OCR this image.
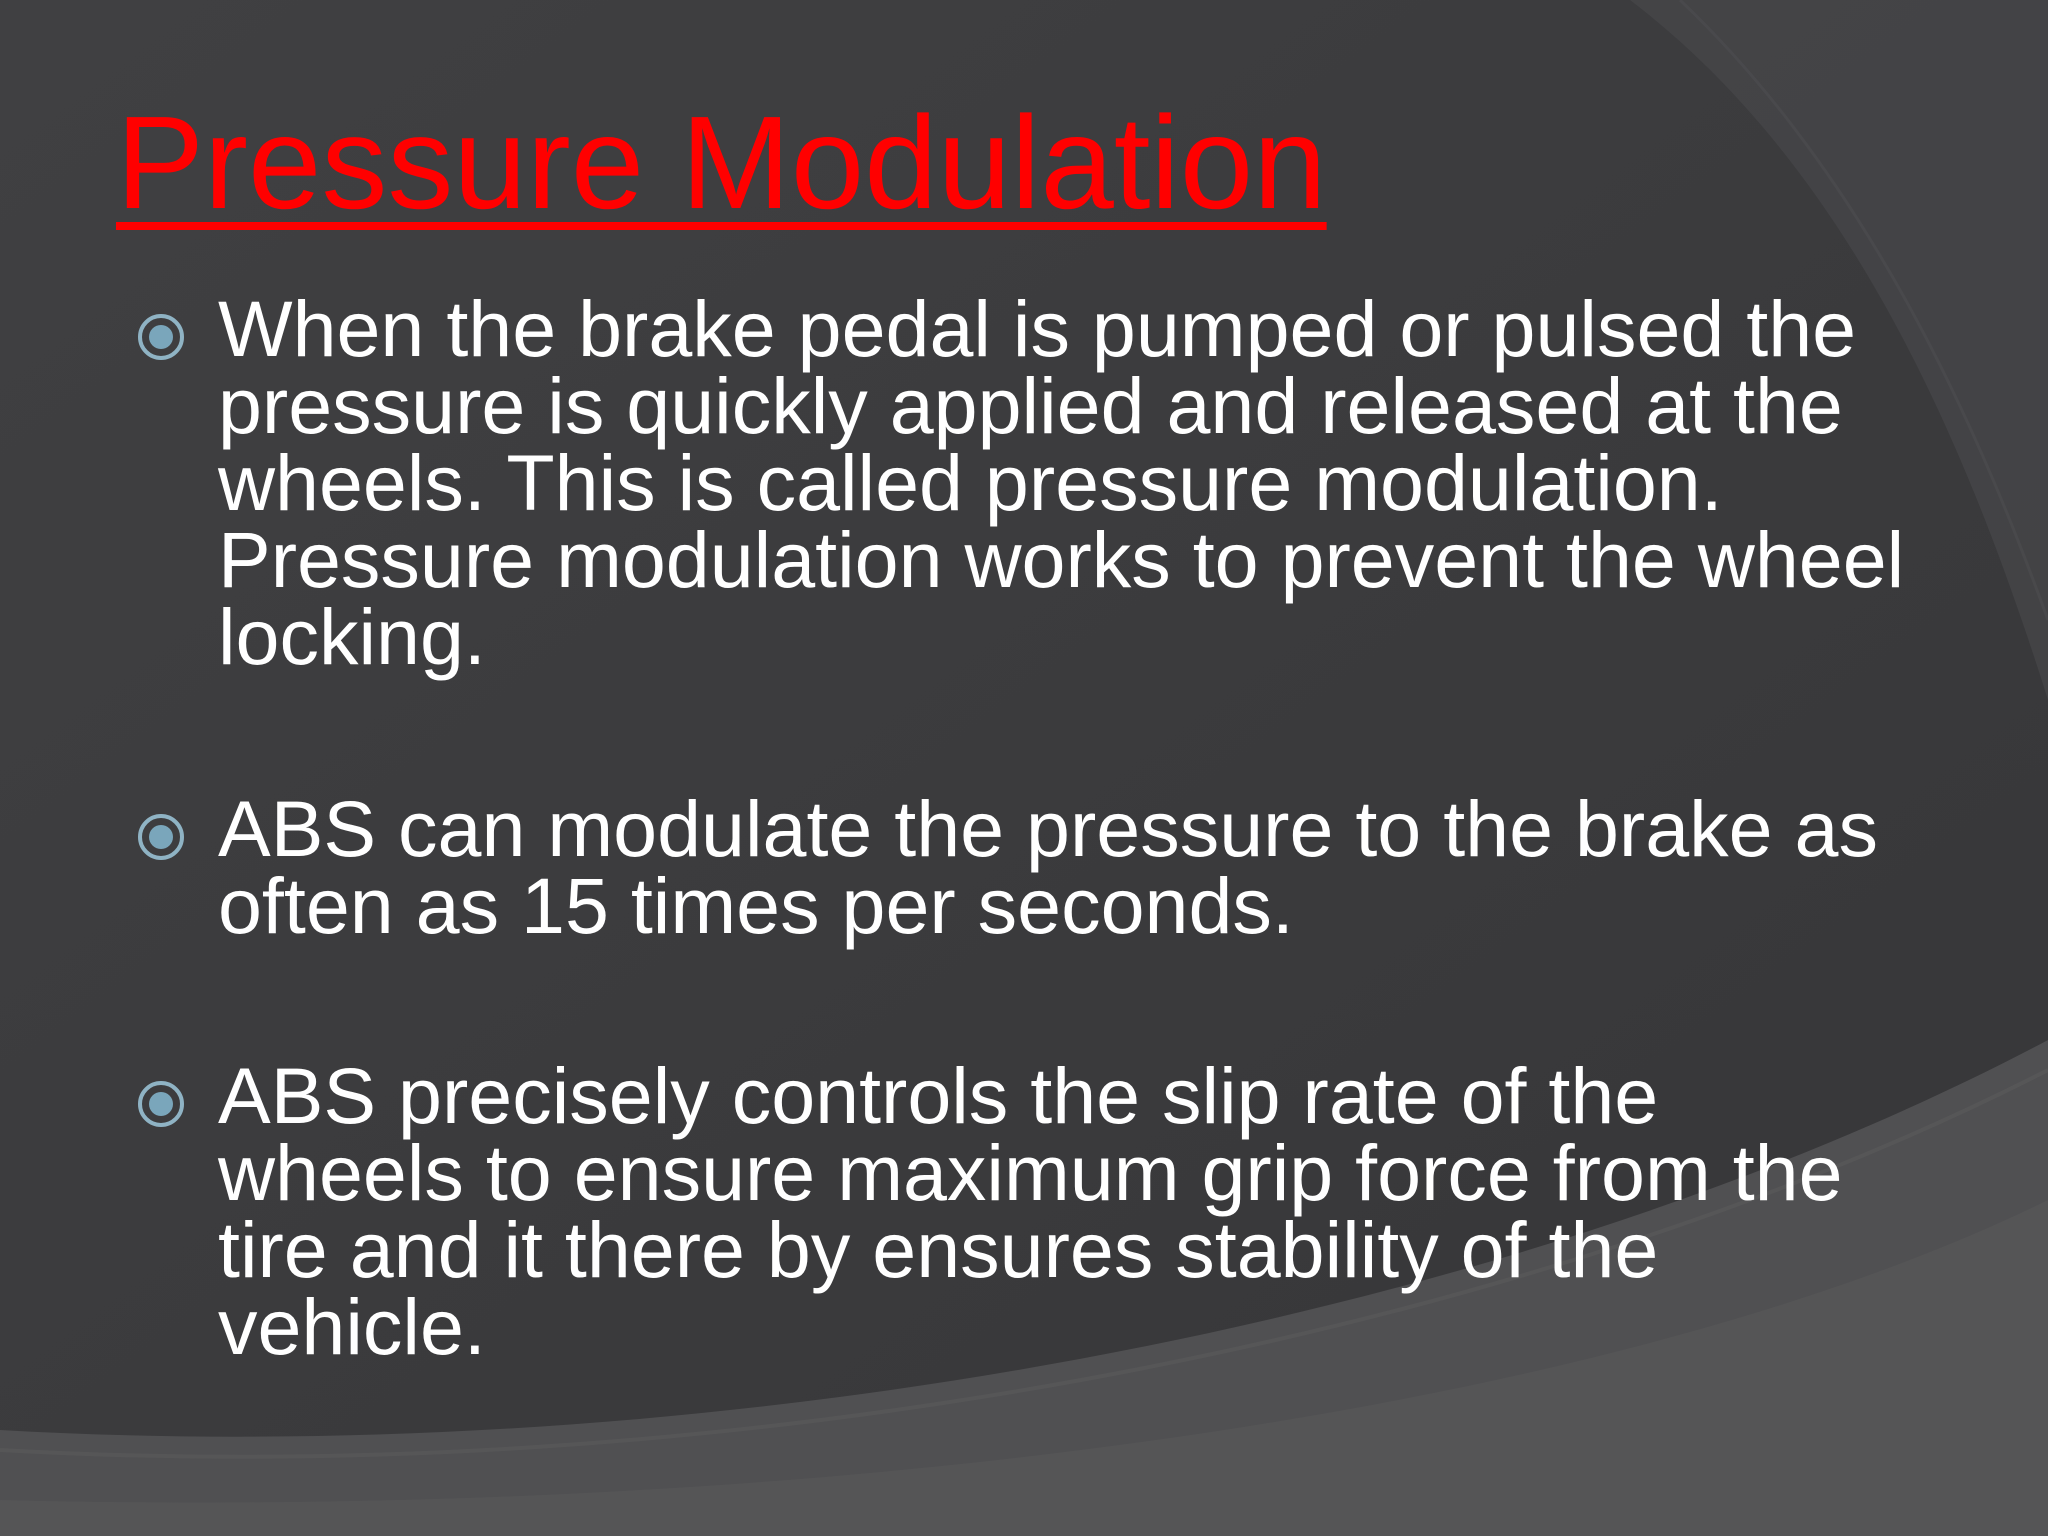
Pressure Modulation

When the brake pedal is pumped or pulsed the
pressure is quickly applied and released at the
wheels. This is called pressure modulation.
Pressure modulation works to prevent the wheel
locking.

ABS can modulate the pressure to the brake as
often as 15 times per seconds.

ABS precisely controls the slip rate of the
wheels to ensure maximum grip force from the
tire and it there by ensures stability of the
vehicle.
